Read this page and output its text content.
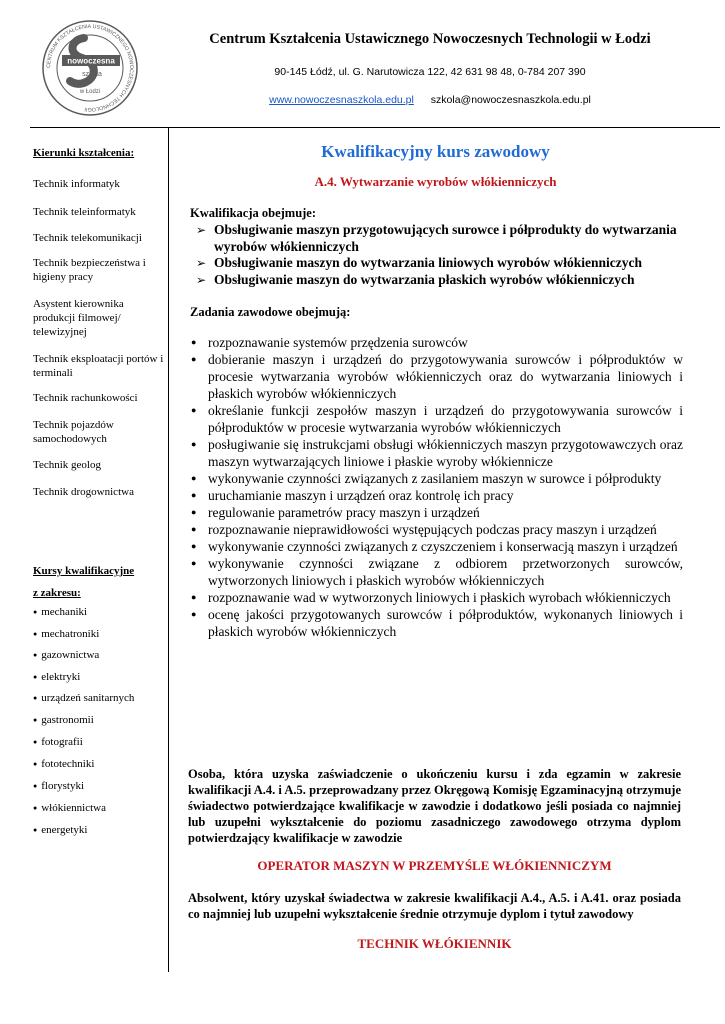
CENTRUM KSZTAŁCENIA USTAWICZNEGO NOWOCZESNYCH TECHNOLOGII
nowoczesna
szkoła
w Łodzi
Centrum Kształcenia Ustawicznego Nowoczesnych Technologii w Łodzi
90-145 Łódź, ul. G. Narutowicza 122, 42 631 98 48, 0-784 207 390
www.nowoczesnaszkola.edu.pl szkola@nowoczesnaszkola.edu.pl
Kierunki kształcenia:
Technik informatyk
Technik teleinformatyk
Technik telekomunikacji
Technik bezpieczeństwa i higieny pracy
Asystent kierownika produkcji filmowej/ telewizyjnej
Technik eksploatacji portów i terminali
Technik rachunkowości
Technik pojazdów samochodowych
Technik geolog
Technik drogownictwa
Kursy kwalifikacyjne
z zakresu:
● mechaniki
● mechatroniki
● gazownictwa
● elektryki
● urządzeń sanitarnych
● gastronomii
● fotografii
● fototechniki
● florystyki
● włókiennictwa
● energetyki
Kwalifikacyjny kurs zawodowy
A.4. Wytwarzanie wyrobów włókienniczych
Kwalifikacja obejmuje:
➢ Obsługiwanie maszyn przygotowujących surowce i półprodukty do wytwarzania wyrobów włókienniczych
➢ Obsługiwanie maszyn do wytwarzania liniowych wyrobów włókienniczych
➢ Obsługiwanie maszyn do wytwarzania płaskich wyrobów włókienniczych
Zadania zawodowe obejmują:
● rozpoznawanie systemów przędzenia surowców
● dobieranie maszyn i urządzeń do przygotowywania surowców i półproduktów w procesie wytwarzania wyrobów włókienniczych oraz do wytwarzania liniowych i płaskich wyrobów włókienniczych
● określanie funkcji zespołów maszyn i urządzeń do przygotowywania surowców i półproduktów w procesie wytwarzania wyrobów włókienniczych
● posługiwanie się instrukcjami obsługi włókienniczych maszyn przygotowawczych oraz maszyn wytwarzających liniowe i płaskie wyroby włókiennicze
● wykonywanie czynności związanych z zasilaniem maszyn w surowce i półprodukty
● uruchamianie maszyn i urządzeń oraz kontrolę ich pracy
● regulowanie parametrów pracy maszyn i urządzeń
● rozpoznawanie nieprawidłowości występujących podczas pracy maszyn i urządzeń
● wykonywanie czynności związanych z czyszczeniem i konserwacją maszyn i urządzeń
● wykonywanie czynności związane z odbiorem przetworzonych surowców, wytworzonych liniowych i płaskich wyrobów włókienniczych
● rozpoznawanie wad w wytworzonych liniowych i płaskich wyrobach włókienniczych
● ocenę jakości przygotowanych surowców i półproduktów, wykonanych liniowych i płaskich wyrobów włókienniczych
Osoba, która uzyska zaświadczenie o ukończeniu kursu i zda egzamin w zakresie kwalifikacji A.4. i A.5. przeprowadzany przez Okręgową Komisję Egzaminacyjną otrzymuje świadectwo potwierdzające kwalifikacje w zawodzie i dodatkowo jeśli posiada co najmniej lub uzupełni wykształcenie do poziomu zasadniczego zawodowego otrzyma dyplom potwierdzający kwalifikacje w zawodzie
OPERATOR MASZYN W PRZEMYŚLE WŁÓKIENNICZYM
Absolwent, który uzyskał świadectwa w zakresie kwalifikacji A.4., A.5. i A.41. oraz posiada co najmniej lub uzupełni wykształcenie średnie otrzymuje dyplom i tytuł zawodowy
TECHNIK WŁÓKIENNIK
